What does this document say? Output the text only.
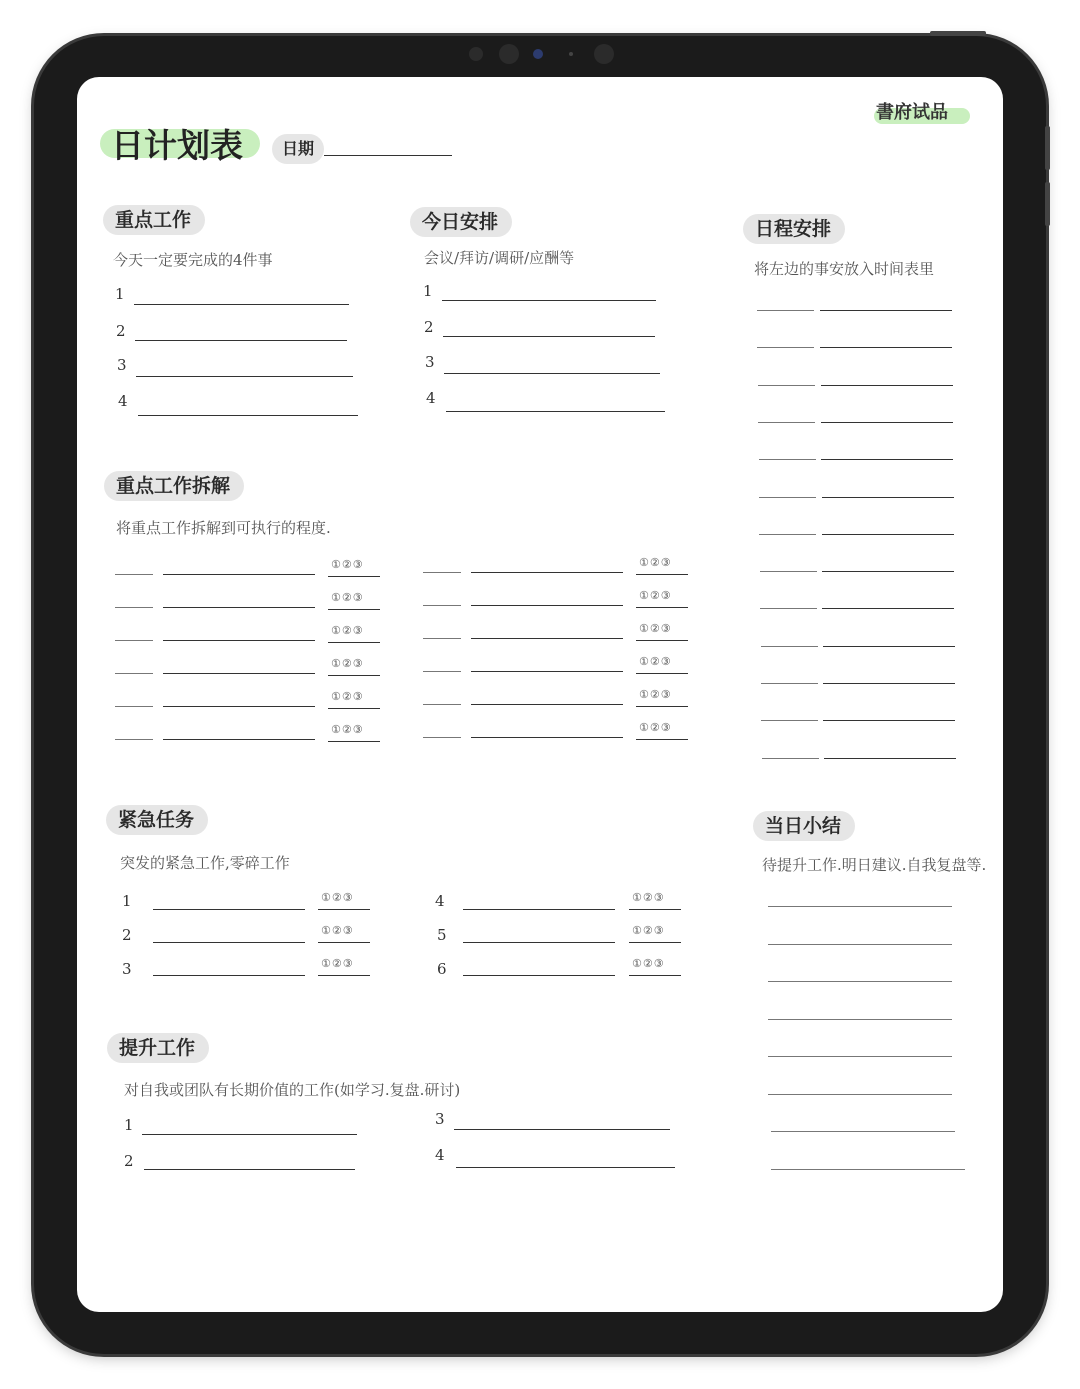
日计划表	日期
書府试品
重点工作
今天一定要完成的4件事
1
2
3
4
今日安排
会议/拜访/调研/应酬等
1
2
3
4
日程安排
将左边的事安放入时间表里
重点工作拆解
将重点工作拆解到可执行的程度.
①②③
①②③
①②③
①②③
①②③
①②③
①②③
①②③
①②③
①②③
①②③
①②③
紧急任务
突发的紧急工作,零碎工作
1
2
3
4
5
6
①②③
①②③
①②③
①②③
①②③
①②③
提升工作
对自我或团队有长期价值的工作(如学习.复盘.研讨)
1
2
3
4
当日小结
待提升工作.明日建议.自我复盘等.
